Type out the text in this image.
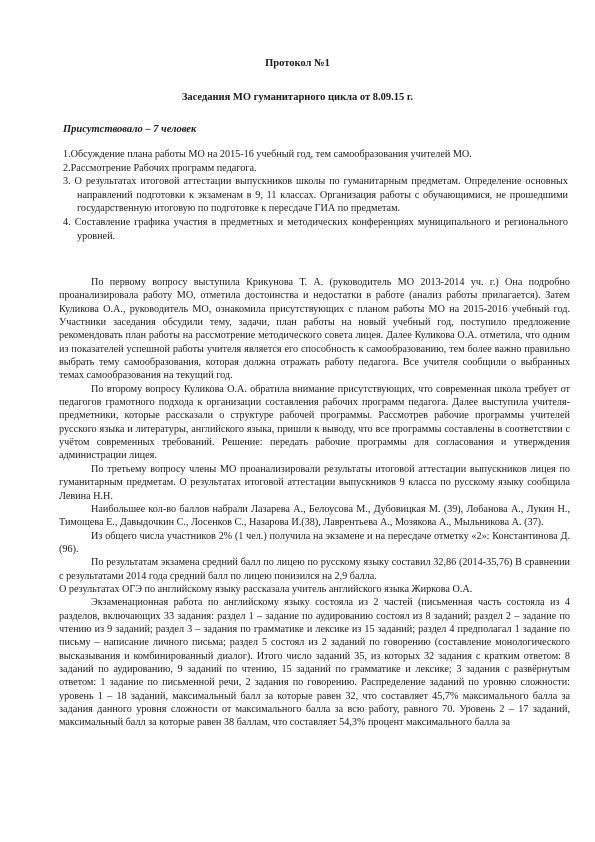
Протокол №1
Заседания МО гуманитарного цикла от 8.09.15 г.
Присутствовало – 7 человек
1.Обсуждение плана работы МО на 2015-16 учебный год, тем самообразования учителей МО.
2.Рассмотрение Рабочих программ педагога.
3. О результатах итоговой аттестации выпускников школы по гуманитарным предметам. Определение основных направлений подготовки к экзаменам в 9, 11 классах. Организация работы с обучающимися, не прошедшими государственную итоговую по подготовке к пересдаче ГИА по предметам.
4. Составление графика участия в предметных и методических конференциях муниципального и регионального уровней.

По первому вопросу выступила Крикунова Т. А. (руководитель МО 2013-2014 уч. г.) Она подробно проанализировала работу МО, отметила достоинства и недостатки в работе (анализ работы прилагается). Затем Куликова О.А., руководитель МО, ознакомила присутствующих с планом работы МО на 2015-2016 учебный год. Участники заседания обсудили тему, задачи, план работы на новый учебный год, поступило предложение рекомендовать план работы на рассмотрение методического совета лицея. Далее Куликова О.А. отметила, что одним из показателей успешной работы учителя является его способность к самообразованию, тем более важно правильно выбрать тему самообразования, которая должна отражать работу педагога. Все учителя сообщили о выбранных темах самообразования на текущий год.

По второму вопросу Куликова О.А. обратила внимание присутствующих, что современная школа требует от педагогов грамотного подхода к организации составления рабочих программ педагога. Далее выступила учителя-предметники, которые рассказали о структуре рабочей программы. Рассмотрев рабочие программы учителей русского языка и литературы, английского языка, пришли к выводу, что все программы составлены в соответствии с учётом современных требований. Решение: передать рабочие программы для согласования и утверждения администрации лицея.

По третьему вопросу члены МО проанализировали результаты итоговой аттестации выпускников лицея по гуманитарным предметам. О результатах итоговой аттестации выпускников 9 класса по русскому языку сообщила Левина Н.Н.

Наибольшее кол-во баллов набрали Лазарева А., Белоусова М., Дубовицкая М. (39), Лобанова А., Лукин Н., Тимощева Е., Давыдочкин С., Лосенков С., Назарова И.(38), Лаврентьева А., Мозякова А., Мыльникова А. (37).

Из общего числа участников 2% (1 чел.) получила на экзамене и на пересдаче отметку «2»: Константинова Д. (96).

По результатам экзамена средний балл по лицею по русскому языку составил 32,86 (2014-35,76) В сравнении с результатами 2014 года средний балл по лицею понизился на 2,9 балла.

О результатах ОГЭ по английскому языку рассказала учитель английского языка Жиркова О.А.

Экзаменационная работа по английскому языку состояла из 2 частей (письменная часть состояла из 4 разделов, включающих 33 задания: раздел 1 – задание по аудированию состоял из 8 заданий; раздел 2 – задание по чтению из 9 заданий; раздел 3 – задания по грамматике и лексике из 15 заданий; раздел 4 предполагал 1 задание по письму – написание личного письма; раздел 5 состоял из 2 заданий по говорению (составление монологического высказывания и комбинированный диалог). Итого число заданий 35, из которых 32 задания с кратким ответом: 8 заданий по аудированию, 9 заданий по чтению, 15 заданий по грамматике и лексике; 3 задания с развёрнутым ответом: 1 задание по письменной речи, 2 задания по говорению. Распределение заданий по уровню сложности: уровень 1 – 18 заданий, максимальный балл за которые равен 32, что составляет 45,7% максимального балла за задания данного уровня сложности от максимального балла за всю работу, равного 70. Уровень 2 – 17 заданий, максимальный балл за которые равен 38 баллам, что составляет 54,3% процент максимального балла за
